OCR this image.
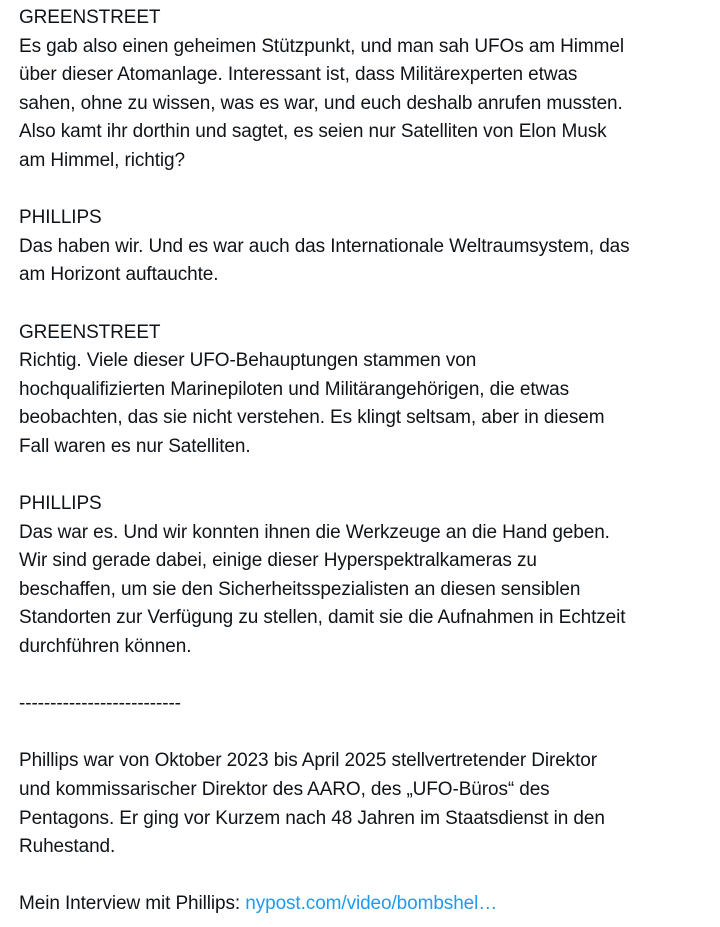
GREENSTREET
Es gab also einen geheimen Stützpunkt, und man sah UFOs am Himmel
über dieser Atomanlage. Interessant ist, dass Militärexperten etwas
sahen, ohne zu wissen, was es war, und euch deshalb anrufen mussten.
Also kamt ihr dorthin und sagtet, es seien nur Satelliten von Elon Musk
am Himmel, richtig?
PHILLIPS
Das haben wir. Und es war auch das Internationale Weltraumsystem, das
am Horizont auftauchte.
GREENSTREET
Richtig. Viele dieser UFO-Behauptungen stammen von
hochqualifizierten Marinepiloten und Militärangehörigen, die etwas
beobachten, das sie nicht verstehen. Es klingt seltsam, aber in diesem
Fall waren es nur Satelliten.
PHILLIPS
Das war es. Und wir konnten ihnen die Werkzeuge an die Hand geben.
Wir sind gerade dabei, einige dieser Hyperspektralkameras zu
beschaffen, um sie den Sicherheitsspezialisten an diesen sensiblen
Standorten zur Verfügung zu stellen, damit sie die Aufnahmen in Echtzeit
durchführen können.
--------------------------
Phillips war von Oktober 2023 bis April 2025 stellvertretender Direktor
und kommissarischer Direktor des AARO, des „UFO-Büros“ des
Pentagons. Er ging vor Kurzem nach 48 Jahren im Staatsdienst in den
Ruhestand.
Mein Interview mit Phillips: nypost.com/video/bombshel…
